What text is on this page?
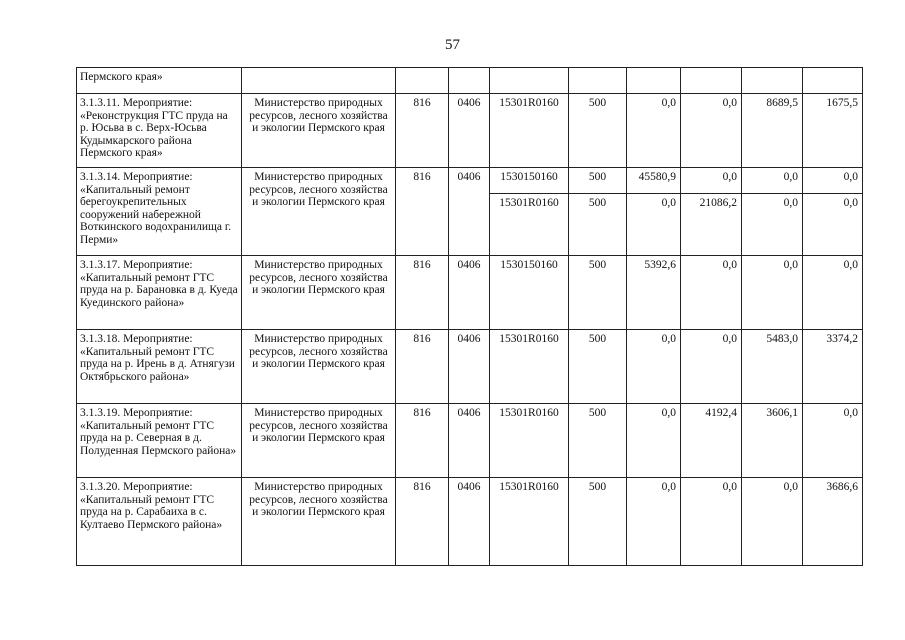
57
Пермского края»									
3.1.3.11. Мероприятие: «Реконструкция ГТС пруда на р. Юсьва в с. Верх-Юсьва Кудымкарского района Пермского края»	Министерство природных ресурсов, лесного хозяйства и экологии Пермского края	816	0406	15301R0160	500	0,0	0,0	8689,5	1675,5
3.1.3.14. Мероприятие: «Капитальный ремонт берегоукрепительных сооружений набережной Воткинского водохранилища г. Перми»	Министерство природных ресурсов, лесного хозяйства и экологии Пермского края	816	0406	1530150160	500	45580,9	0,0	0,0	0,0
				15301R0160	500	0,0	21086,2	0,0	0,0
3.1.3.17. Мероприятие: «Капитальный ремонт ГТС пруда на р. Барановка в д. Куеда Куединского района»	Министерство природных ресурсов, лесного хозяйства и экологии Пермского края	816	0406	1530150160	500	5392,6	0,0	0,0	0,0
3.1.3.18. Мероприятие: «Капитальный ремонт ГТС пруда на р. Ирень в д. Атнягузи Октябрьского района»	Министерство природных ресурсов, лесного хозяйства и экологии Пермского края	816	0406	15301R0160	500	0,0	0,0	5483,0	3374,2
3.1.3.19. Мероприятие: «Капитальный ремонт ГТС пруда на р. Северная в д. Полуденная Пермского района»	Министерство природных ресурсов, лесного хозяйства и экологии Пермского края	816	0406	15301R0160	500	0,0	4192,4	3606,1	0,0
3.1.3.20. Мероприятие: «Капитальный ремонт ГТС пруда на р. Сарабаиха в с. Култаево Пермского района»	Министерство природных ресурсов, лесного хозяйства и экологии Пермского края	816	0406	15301R0160	500	0,0	0,0	0,0	3686,6
